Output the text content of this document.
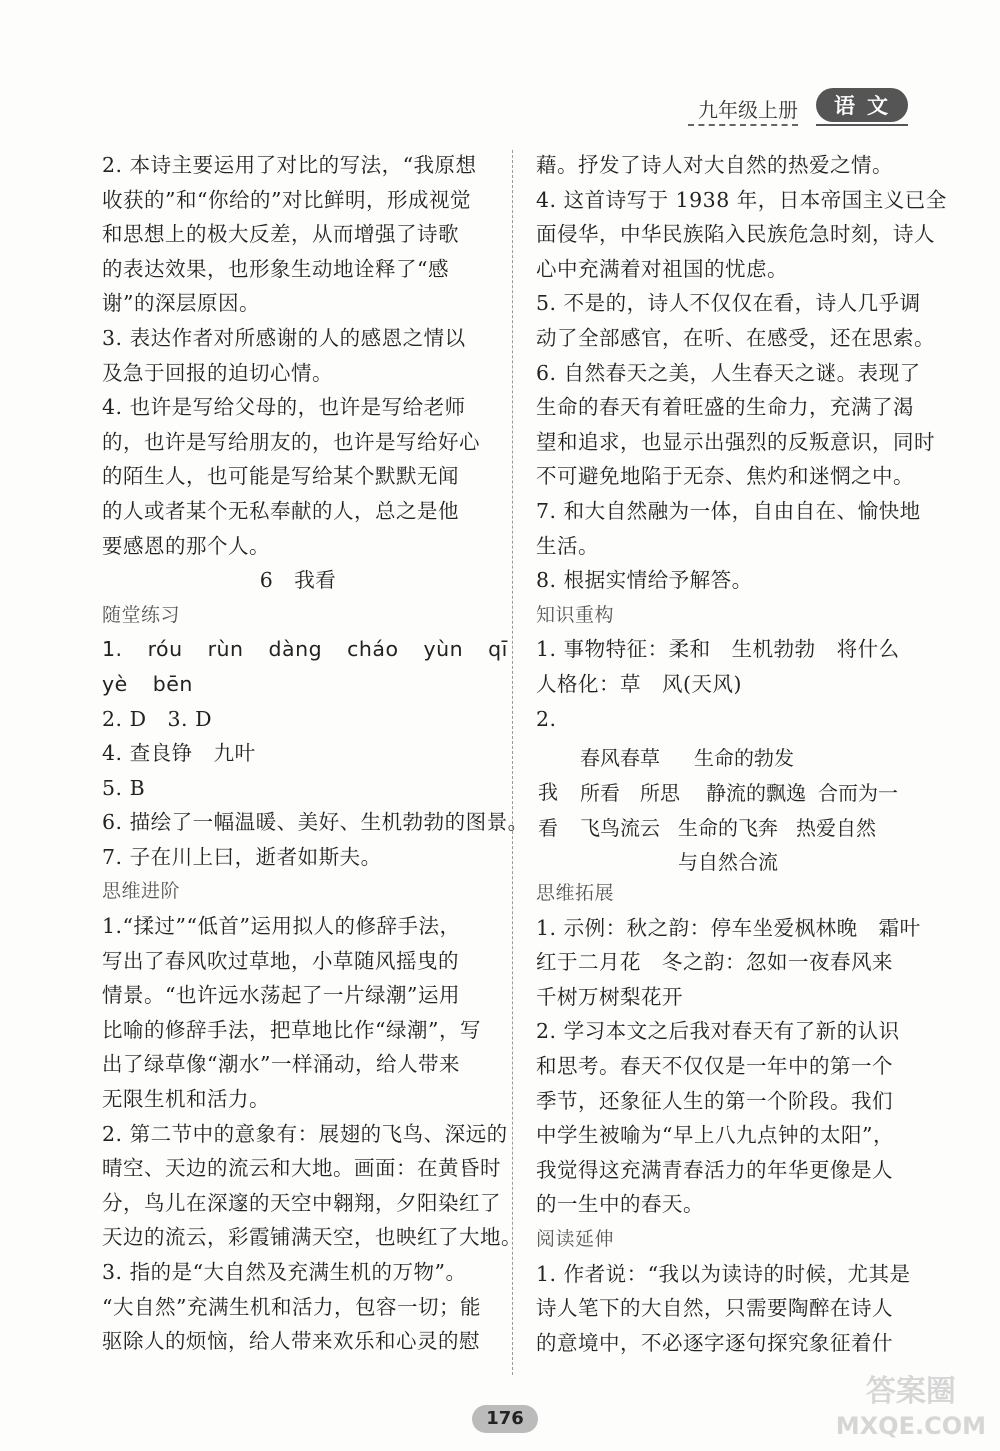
九年级上册	语文
2. 本诗主要运用了对比的写法，“我原想
收获的”和“你给的”对比鲜明，形成视觉
和思想上的极大反差，从而增强了诗歌
的表达效果，也形象生动地诠释了“感
谢”的深层原因。
3. 表达作者对所感谢的人的感恩之情以
及急于回报的迫切心情。
4. 也许是写给父母的，也许是写给老师
的，也许是写给朋友的，也许是写给好心
的陌生人，也可能是写给某个默默无闻
的人或者某个无私奉献的人，总之是他
要感恩的那个人。
6　我看
随堂练习
1. róu rùn dàng cháo yùn qī
yè bēn
2. D　3. D
4. 查良铮　九叶
5. B
6. 描绘了一幅温暖、美好、生机勃勃的图景。
7. 子在川上曰，逝者如斯夫。
思维进阶
1.“揉过”“低首”运用拟人的修辞手法，
写出了春风吹过草地，小草随风摇曳的
情景。“也许远水荡起了一片绿潮”运用
比喻的修辞手法，把草地比作“绿潮”，写
出了绿草像“潮水”一样涌动，给人带来
无限生机和活力。
2. 第二节中的意象有：展翅的飞鸟、深远的
晴空、天边的流云和大地。画面：在黄昏时
分，鸟儿在深邃的天空中翱翔，夕阳染红了
天边的流云，彩霞铺满天空，也映红了大地。
3. 指的是“大自然及充满生机的万物”。
“大自然”充满生机和活力，包容一切；能
驱除人的烦恼，给人带来欢乐和心灵的慰
藉。抒发了诗人对大自然的热爱之情。
4. 这首诗写于 1938 年，日本帝国主义已全
面侵华，中华民族陷入民族危急时刻，诗人
心中充满着对祖国的忧虑。
5. 不是的，诗人不仅仅在看，诗人几乎调
动了全部感官，在听、在感受，还在思索。
6. 自然春天之美，人生春天之谜。表现了
生命的春天有着旺盛的生命力，充满了渴
望和追求，也显示出强烈的反叛意识，同时
不可避免地陷于无奈、焦灼和迷惘之中。
7. 和大自然融为一体，自由自在、愉快地
生活。
8. 根据实情给予解答。
知识重构
1. 事物特征：柔和　生机勃勃　将什么
人格化：草　风(天风)
2.
我
看
春风春草 生命的勃发
所看　所思 静流的飘逸 合而为一
飞鸟流云 生命的飞奔 热爱自然
与自然合流
思维拓展
1. 示例：秋之韵：停车坐爱枫林晚　霜叶
红于二月花　冬之韵：忽如一夜春风来
千树万树梨花开
2. 学习本文之后我对春天有了新的认识
和思考。春天不仅仅是一年中的第一个
季节，还象征人生的第一个阶段。我们
中学生被喻为“早上八九点钟的太阳”，
我觉得这充满青春活力的年华更像是人
的一生中的春天。
阅读延伸
1. 作者说：“我以为读诗的时候，尤其是
诗人笔下的大自然，只需要陶醉在诗人
的意境中，不必逐字逐句探究象征着什
176
答案圈
MXQE.COM
